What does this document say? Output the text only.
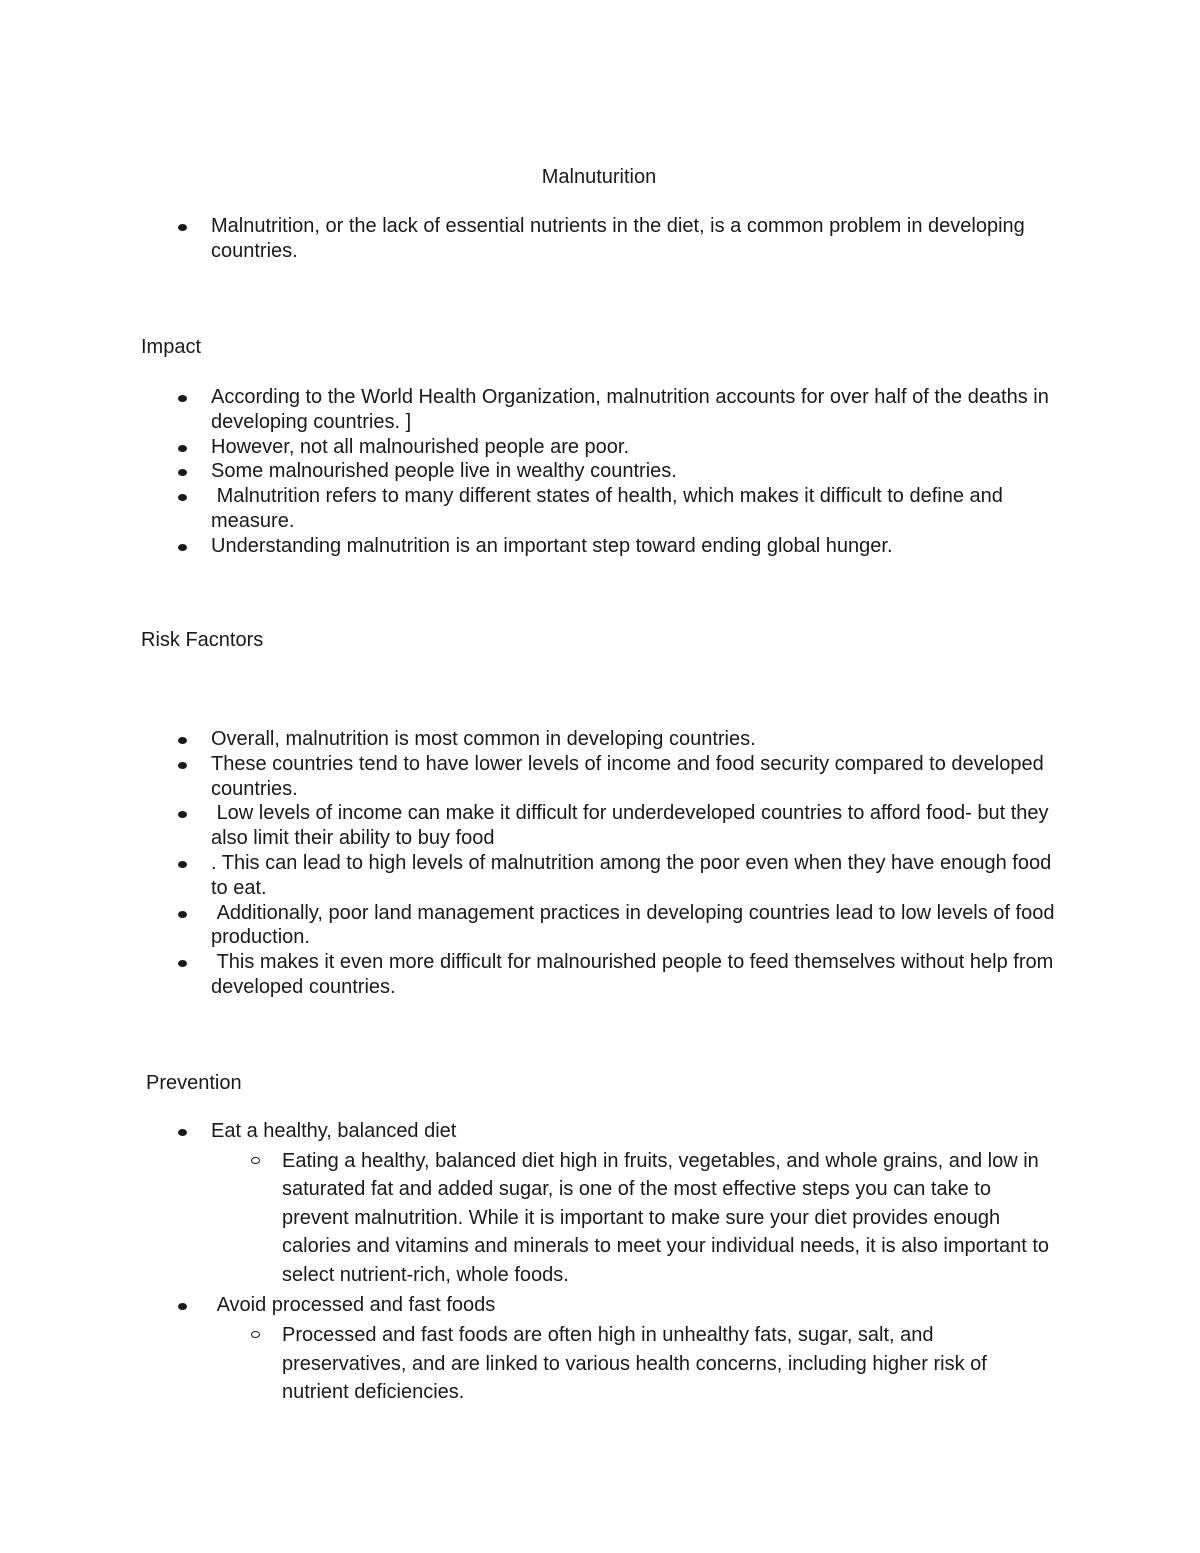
Malnuturition
Malnutrition, or the lack of essential nutrients in the diet, is a common problem in developing countries.
Impact
According to the World Health Organization, malnutrition accounts for over half of the deaths in developing countries. ]
However, not all malnourished people are poor.
Some malnourished people live in wealthy countries.
Malnutrition refers to many different states of health, which makes it difficult to define and measure.
Understanding malnutrition is an important step toward ending global hunger.
Risk Facntors
Overall, malnutrition is most common in developing countries.
These countries tend to have lower levels of income and food security compared to developed countries.
Low levels of income can make it difficult for underdeveloped countries to afford food- but they also limit their ability to buy food
. This can lead to high levels of malnutrition among the poor even when they have enough food to eat.
Additionally, poor land management practices in developing countries lead to low levels of food production.
This makes it even more difficult for malnourished people to feed themselves without help from developed countries.
Prevention
Eat a healthy, balanced diet
Eating a healthy, balanced diet high in fruits, vegetables, and whole grains, and low in saturated fat and added sugar, is one of the most effective steps you can take to prevent malnutrition. While it is important to make sure your diet provides enough calories and vitamins and minerals to meet your individual needs, it is also important to select nutrient-rich, whole foods.
Avoid processed and fast foods
Processed and fast foods are often high in unhealthy fats, sugar, salt, and preservatives, and are linked to various health concerns, including higher risk of nutrient deficiencies.
